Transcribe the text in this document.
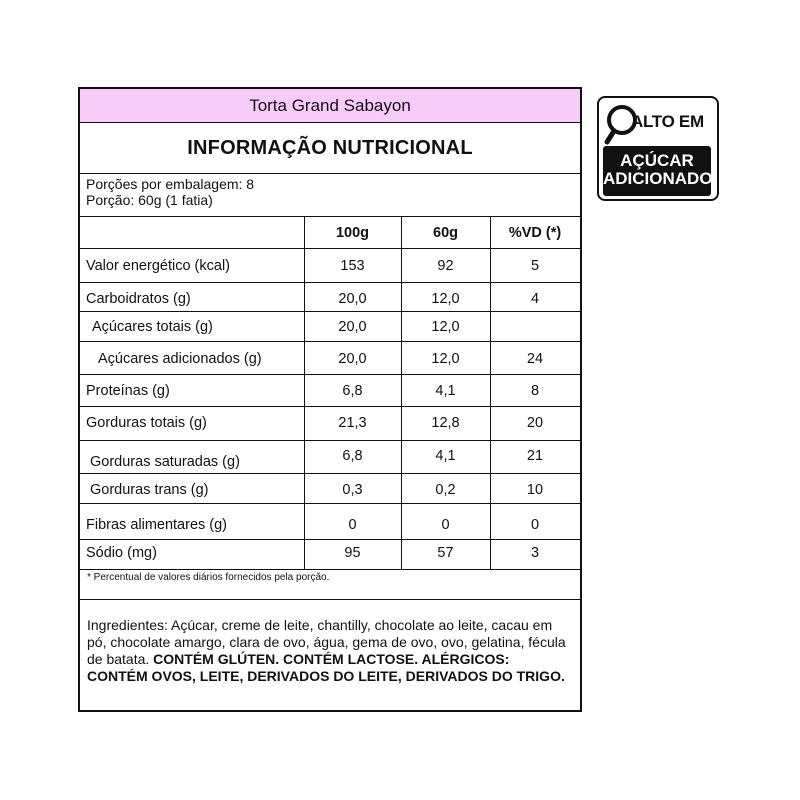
Torta Grand Sabayon
INFORMAÇÃO NUTRICIONAL
Porções por embalagem: 8
Porção: 60g (1 fatia)
100g	60g	%VD (*)
Valor energético (kcal)	153	92	5
Carboidratos (g)	20,0	12,0	4
Açúcares totais (g)	20,0	12,0
Açúcares adicionados (g)	20,0	12,0	24
Proteínas (g)	6,8	4,1	8
Gorduras totais (g)	21,3	12,8	20
Gorduras saturadas (g)	6,8	4,1	21
Gorduras trans (g)	0,3	0,2	10
Fibras alimentares (g)	0	0	0
Sódio (mg)	95	57	3
* Percentual de valores diários fornecidos pela porção.
Ingredientes: Açúcar, creme de leite, chantilly, chocolate ao leite, cacau em pó, chocolate amargo, clara de ovo, água, gema de ovo, ovo, gelatina, fécula de batata. CONTÉM GLÚTEN. CONTÉM LACTOSE. ALÉRGICOS: CONTÉM OVOS, LEITE, DERIVADOS DO LEITE, DERIVADOS DO TRIGO.
ALTO EM
AÇÚCAR
ADICIONADO
